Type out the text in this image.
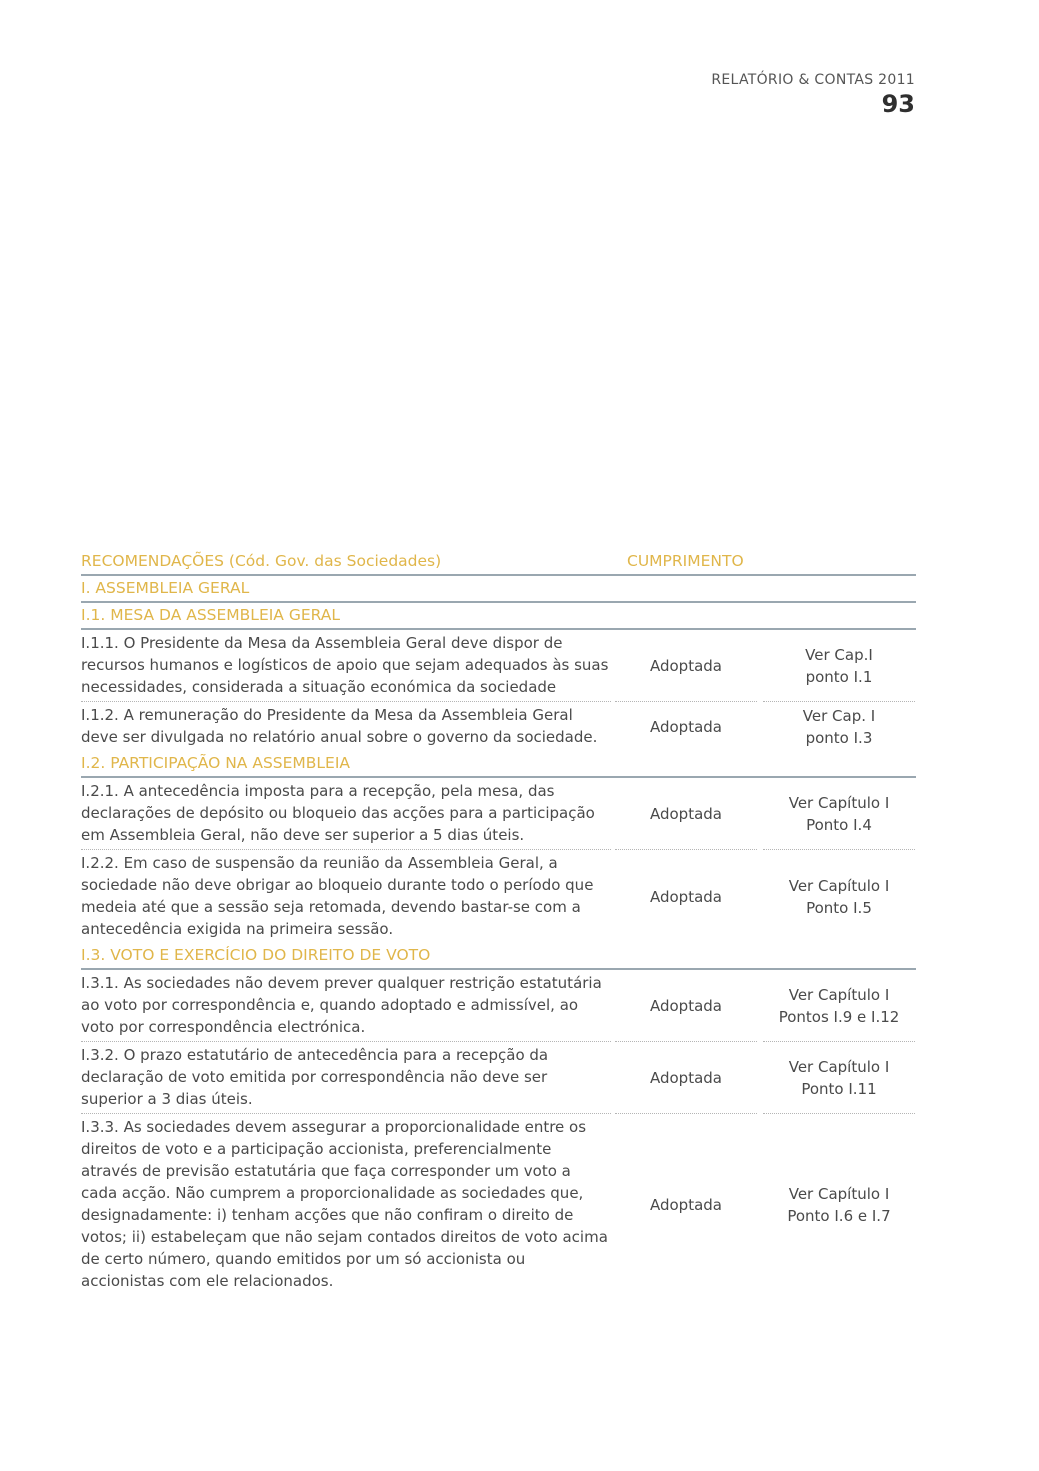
RELATÓRIO & CONTAS 2011
93
RECOMENDAÇÕES (Cód. Gov. das Sociedades)	CUMPRIMENTO
I. ASSEMBLEIA GERAL
I.1. MESA DA ASSEMBLEIA GERAL
I.1.1. O Presidente da Mesa da Assembleia Geral deve dispor de recursos humanos e logísticos de apoio que sejam adequados às suas necessidades, considerada a situação económica da sociedade
Adoptada
Ver Cap.I
ponto I.1
I.1.2. A remuneração do Presidente da Mesa da Assembleia Geral deve ser divulgada no relatório anual sobre o governo da sociedade.
Adoptada
Ver Cap. I
ponto I.3
I.2. PARTICIPAÇÃO NA ASSEMBLEIA
I.2.1. A antecedência imposta para a recepção, pela mesa, das declarações de depósito ou bloqueio das acções para a participação em Assembleia Geral, não deve ser superior a 5 dias úteis.
Adoptada
Ver Capítulo I
Ponto I.4
I.2.2. Em caso de suspensão da reunião da Assembleia Geral, a sociedade não deve obrigar ao bloqueio durante todo o período que medeia até que a sessão seja retomada, devendo bastar-se com a antecedência exigida na primeira sessão.
Adoptada
Ver Capítulo I
Ponto I.5
I.3. VOTO E EXERCÍCIO DO DIREITO DE VOTO
I.3.1. As sociedades não devem prever qualquer restrição estatutária ao voto por correspondência e, quando adoptado e admissível, ao voto por correspondência electrónica.
Adoptada
Ver Capítulo I
Pontos I.9 e I.12
I.3.2. O prazo estatutário de antecedência para a recepção da declaração de voto emitida por correspondência não deve ser superior a 3 dias úteis.
Adoptada
Ver Capítulo I
Ponto I.11
I.3.3. As sociedades devem assegurar a proporcionalidade entre os direitos de voto e a participação accionista, preferencialmente através de previsão estatutária que faça corresponder um voto a cada acção. Não cumprem a proporcionalidade as sociedades que, designadamente: i) tenham acções que não confiram o direito de votos; ii) estabeleçam que não sejam contados direitos de voto acima de certo número, quando emitidos por um só accionista ou accionistas com ele relacionados.
Adoptada
Ver Capítulo I
Ponto I.6 e I.7
